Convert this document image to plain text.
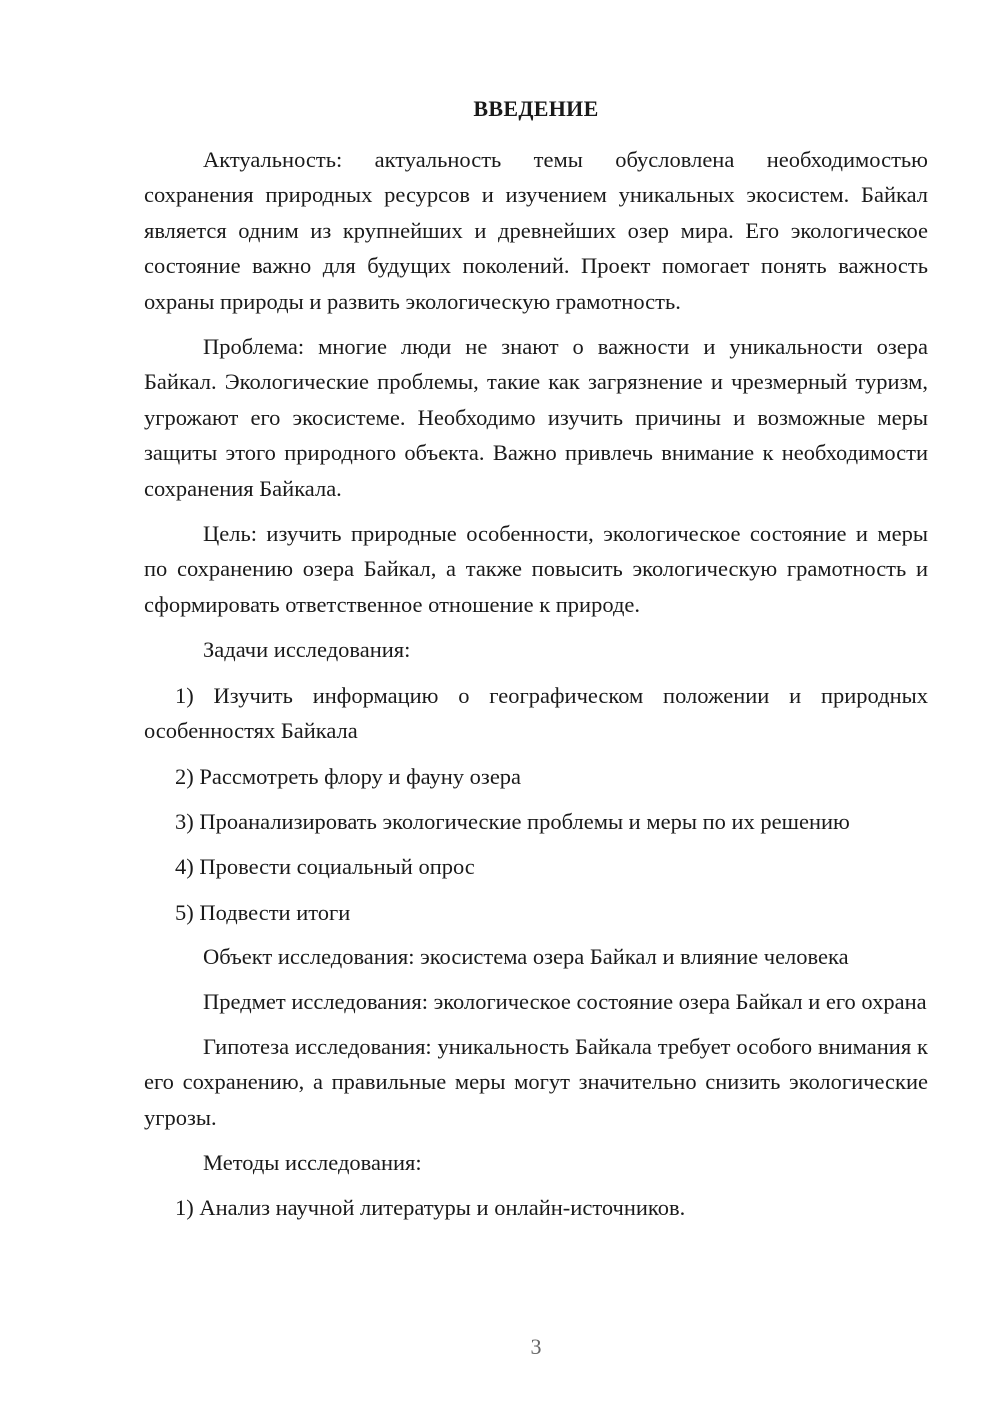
ВВЕДЕНИЕ

Актуальность: актуальность темы обусловлена необходимостью сохранения природных ресурсов и изучением уникальных экосистем. Байкал является одним из крупнейших и древнейших озер мира. Его экологическое состояние важно для будущих поколений. Проект помогает понять важность охраны природы и развить экологическую грамотность.

Проблема: многие люди не знают о важности и уникальности озера Байкал. Экологические проблемы, такие как загрязнение и чрезмерный туризм, угрожают его экосистеме. Необходимо изучить причины и возможные меры защиты этого природного объекта. Важно привлечь внимание к необходимости сохранения Байкала.

Цель: изучить природные особенности, экологическое состояние и меры по сохранению озера Байкал, а также повысить экологическую грамотность и сформировать ответственное отношение к природе.

Задачи исследования:

1) Изучить информацию о географическом положении и природных особенностях Байкала

2) Рассмотреть флору и фауну озера

3) Проанализировать экологические проблемы и меры по их решению

4) Провести социальный опрос

5) Подвести итоги

Объект исследования: экосистема озера Байкал и влияние человека

Предмет исследования: экологическое состояние озера Байкал и его охрана

Гипотеза исследования: уникальность Байкала требует особого внимания к его сохранению, а правильные меры могут значительно снизить экологические угрозы.

Методы исследования:

1) Анализ научной литературы и онлайн-источников.

3
